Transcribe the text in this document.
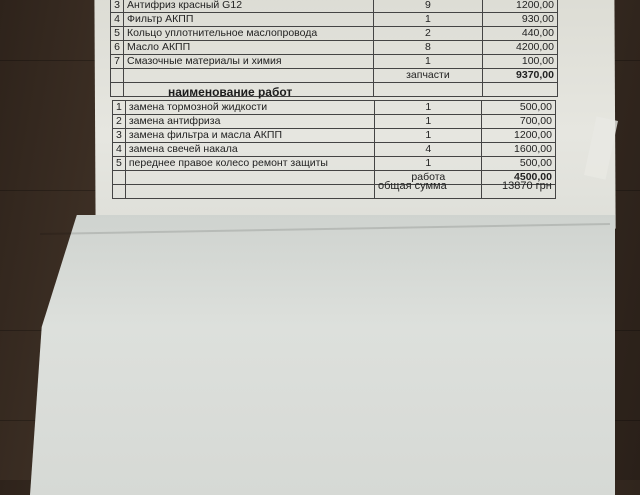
3	Антифриз красный G12	9	1200,00
4	Фильтр АКПП	1	930,00
5	Кольцо уплотнительное маслопровода	2	440,00
6	Масло АКПП	8	4200,00
7	Смазочные материалы и химия	1	100,00
		запчасти	9370,00

наименование работ
1	замена тормозной жидкости	1	500,00
2	замена антифриза	1	700,00
3	замена фильтра и масла АКПП	1	1200,00
4	замена свечей накала	4	1600,00
5	переднее правое колесо ремонт защиты	1	500,00
		работа	4500,00

общая сумма	13870 грн
